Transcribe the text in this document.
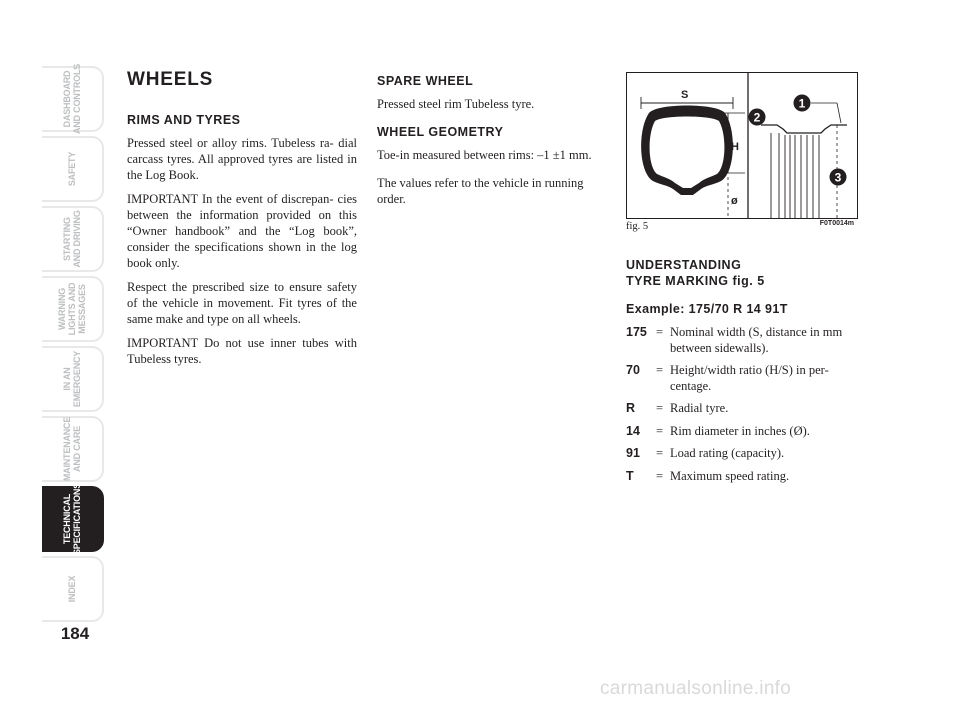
DASHBOARD
AND CONTROLS
SAFETY
STARTING
AND DRIVING
WARNING
LIGHTS AND
MESSAGES
IN AN
EMERGENCY
MAINTENANCE
AND CARE
TECHNICAL
SPECIFICATIONS
INDEX
184
WHEELS
RIMS AND TYRES

Pressed steel or alloy rims. Tubeless ra- dial carcass tyres. All approved tyres are listed in the Log Book.

IMPORTANT In the event of discrepan- cies between the information provided on this “Owner handbook” and the “Log book”, consider the specifications shown in the log book only.

Respect the prescribed size to ensure safety of the vehicle in movement. Fit tyres of the same make and type on all wheels.

IMPORTANT Do not use inner tubes with Tubeless tyres.

SPARE WHEEL

Pressed steel rim Tubeless tyre.

WHEEL GEOMETRY

Toe-in measured between rims: –1 ±1 mm.

The values refer to the vehicle in running order.

S
H
ø
1
2
3
fig. 5	F0T0014m
UNDERSTANDING
TYRE MARKING fig. 5
Example: 175/70 R 14 91T
175 = Nominal width (S, distance in mm between sidewalls).
70	= Height/width ratio (H/S) in per- centage.
R	= Radial tyre.
14	= Rim diameter in inches (Ø).
91	= Load rating (capacity).
T	= Maximum speed rating.
carmanualsonline.info
